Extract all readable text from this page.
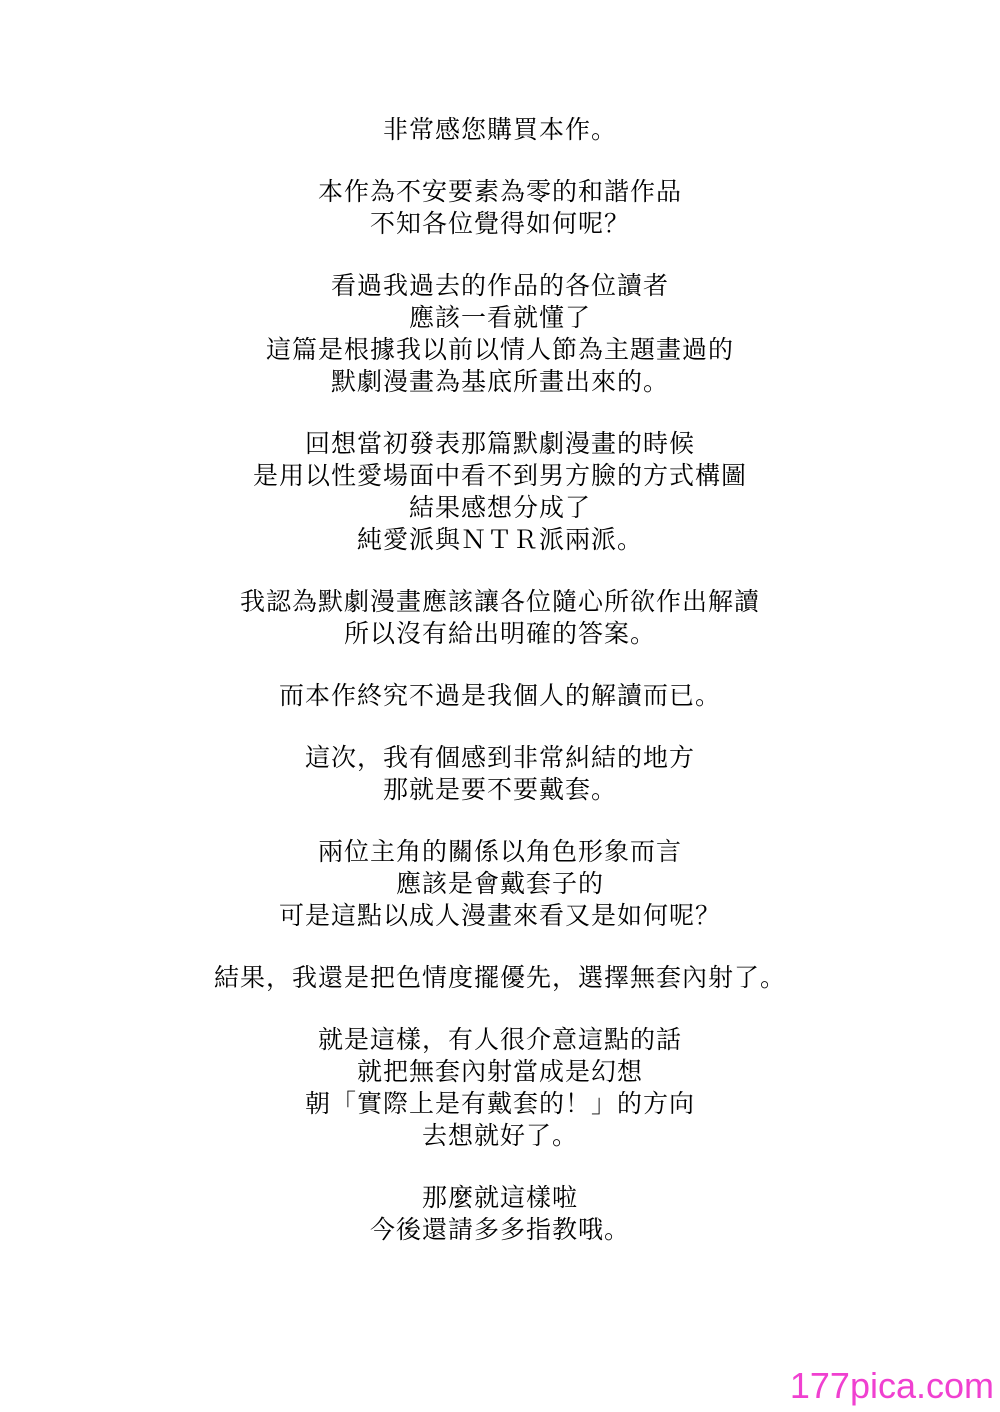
非常感您購買本作。
本作為不安要素為零的和諧作品
不知各位覺得如何呢？
看過我過去的作品的各位讀者
應該一看就懂了
這篇是根據我以前以情人節為主題畫過的
默劇漫畫為基底所畫出來的。
回想當初發表那篇默劇漫畫的時候
是用以性愛場面中看不到男方臉的方式構圖
結果感想分成了
純愛派與ＮＴＲ派兩派。
我認為默劇漫畫應該讓各位隨心所欲作出解讀
所以沒有給出明確的答案。
而本作終究不過是我個人的解讀而已。
這次，我有個感到非常糾結的地方
那就是要不要戴套。
兩位主角的關係以角色形象而言
應該是會戴套子的
可是這點以成人漫畫來看又是如何呢？
結果，我還是把色情度擺優先，選擇無套內射了。
就是這樣，有人很介意這點的話
就把無套內射當成是幻想
朝「實際上是有戴套的！」的方向
去想就好了。
那麼就這樣啦
今後還請多多指教哦。
177pica.com
